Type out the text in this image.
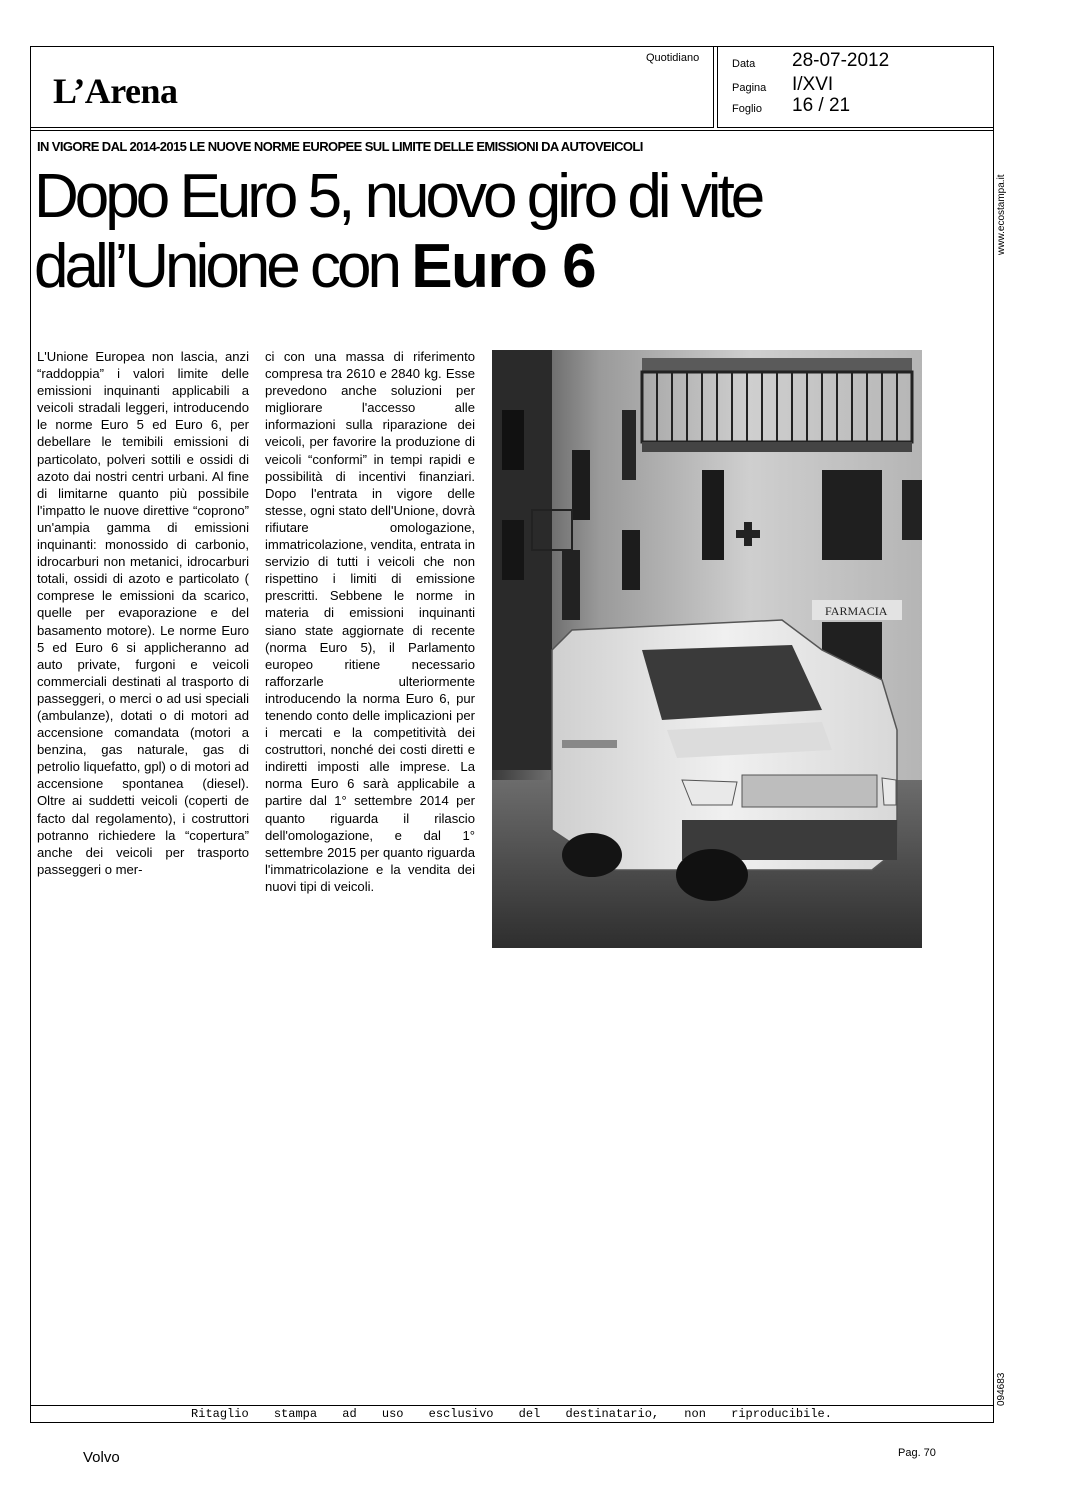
L’Arena
Quotidiano	Data 28-07-2012
Pagina I/XVI
Foglio 16 / 21
IN VIGORE DAL 2014-2015 LE NUOVE NORME EUROPEE SUL LIMITE DELLE EMISSIONI DA AUTOVEICOLI
Dopo Euro 5, nuovo giro di vite
dall’Unione con Euro 6
L'Unione Europea non lascia, anzi “raddoppia” i valori limite delle emissioni inquinanti applicabili a veicoli stradali leggeri, introducendo le norme Euro 5 ed Euro 6, per debellare le temibili emissioni di particolato, polveri sottili e ossidi di azoto dai nostri centri urbani. Al fine di limitarne quanto più possibile l'impatto le nuove direttive “coprono” un'ampia gamma di emissioni inquinanti: monossido di carbonio, idrocarburi non metanici, idrocarburi totali, ossidi di azoto e particolato ( comprese le emissioni da scarico, quelle per evaporazione e del basamento motore). Le norme Euro 5 ed Euro 6 si applicheranno ad auto private, furgoni e veicoli commerciali destinati al trasporto di passeggeri, o merci o ad usi speciali (ambulanze), dotati o di motori ad accensione comandata (motori a benzina, gas naturale, gas di petrolio liquefatto, gpl) o di motori ad accensione spontanea (diesel). Oltre ai suddetti veicoli (coperti de facto dal regolamento), i costruttori potranno richiedere la “copertura” anche dei veicoli per trasporto passeggeri o mer-
ci con una massa di riferimento compresa tra 2610 e 2840 kg. Esse prevedono anche soluzioni per migliorare l'accesso alle informazioni sulla riparazione dei veicoli, per favorire la produzione di veicoli “conformi” in tempi rapidi e possibilità di incentivi finanziari. Dopo l'entrata in vigore delle stesse, ogni stato dell'Unione, dovrà rifiutare omologazione, immatricolazione, vendita, entrata in servizio di tutti i veicoli che non rispettino i limiti di emissione prescritti. Sebbene le norme in materia di emissioni inquinanti siano state aggiornate di recente (norma Euro 5), il Parlamento europeo ritiene necessario rafforzarle ulteriormente introducendo la norma Euro 6, pur tenendo conto delle implicazioni per i mercati e la competitività dei costruttori, nonché dei costi diretti e indiretti imposti alle imprese. La norma Euro 6 sarà applicabile a partire dal 1° settembre 2014 per quanto riguarda il rilascio dell'omologazione, e dal 1° settembre 2015 per quanto riguarda l'immatricolazione e la vendita dei nuovi tipi di veicoli.
FARMACIA
www.ecostampa.it
094683
Ritaglio stampa ad uso esclusivo del destinatario, non riproducibile.
Volvo	Pag. 70
